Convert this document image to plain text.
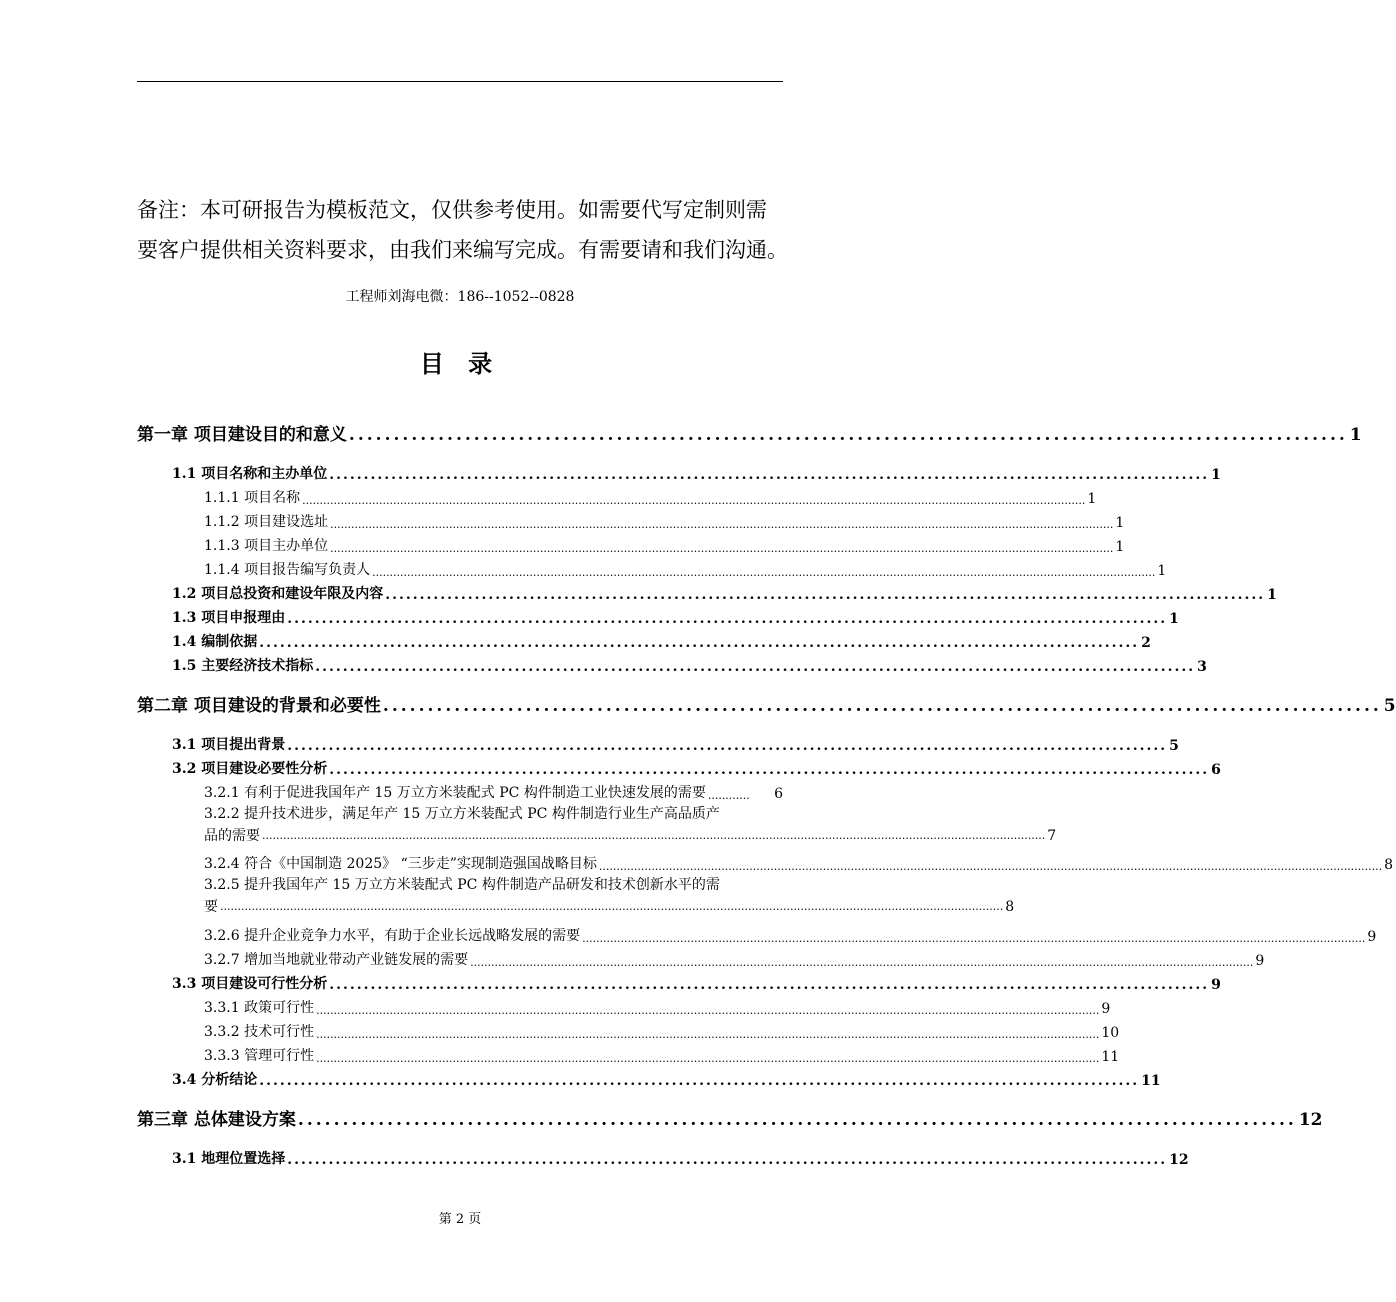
备注：本可研报告为模板范文，仅供参考使用。如需要代写定制则需
要客户提供相关资料要求，由我们来编写完成。有需要请和我们沟通。
工程师刘海电微：186--1052--0828
目 录
第一章 项目建设目的和意义 ................................................................................................................ 1
1.1 项目名称和主办单位 ................................................................................................................................ 1
1.1.1 项目名称 ................................................................................................................................................................................................................................ 1
1.1.2 项目建设选址 ................................................................................................................................................................................................................................ 1
1.1.3 项目主办单位 ................................................................................................................................................................................................................................ 1
1.1.4 项目报告编写负责人 ................................................................................................................................................................................................................................ 1
1.2 项目总投资和建设年限及内容 ................................................................................................................................ 1
1.3 项目申报理由 ................................................................................................................................ 1
1.4 编制依据 ................................................................................................................................ 2
1.5 主要经济技术指标 ................................................................................................................................ 3
第二章 项目建设的背景和必要性 ................................................................................................................ 5
3.1 项目提出背景 ................................................................................................................................ 5
3.2 项目建设必要性分析 ................................................................................................................................ 6
3.2.1 有利于促进我国年产 15 万立方米装配式 PC 构件制造工业快速发展的需要 ............	6
3.2.2 提升技术进步，满足年产 15 万立方米装配式 PC 构件制造行业生产高品质产
品的需要 ................................................................................................................................................................................................................................ 7
3.2.4 符合《中国制造 2025》 “三步走”实现制造强国战略目标 ................................................................................................................................................................................................................................ 8
3.2.5 提升我国年产 15 万立方米装配式 PC 构件制造产品研发和技术创新水平的需
要 ................................................................................................................................................................................................................................ 8
3.2.6 提升企业竞争力水平，有助于企业长远战略发展的需要 ................................................................................................................................................................................................................................ 9
3.2.7 增加当地就业带动产业链发展的需要 ................................................................................................................................................................................................................................ 9
3.3 项目建设可行性分析 ................................................................................................................................ 9
3.3.1 政策可行性 ................................................................................................................................................................................................................................ 9
3.3.2 技术可行性 ................................................................................................................................................................................................................................ 10
3.3.3 管理可行性 ................................................................................................................................................................................................................................ 11
3.4 分析结论 ................................................................................................................................ 11
第三章 总体建设方案 ................................................................................................................ 12
3.1 地理位置选择 ................................................................................................................................ 12
第 2 页
